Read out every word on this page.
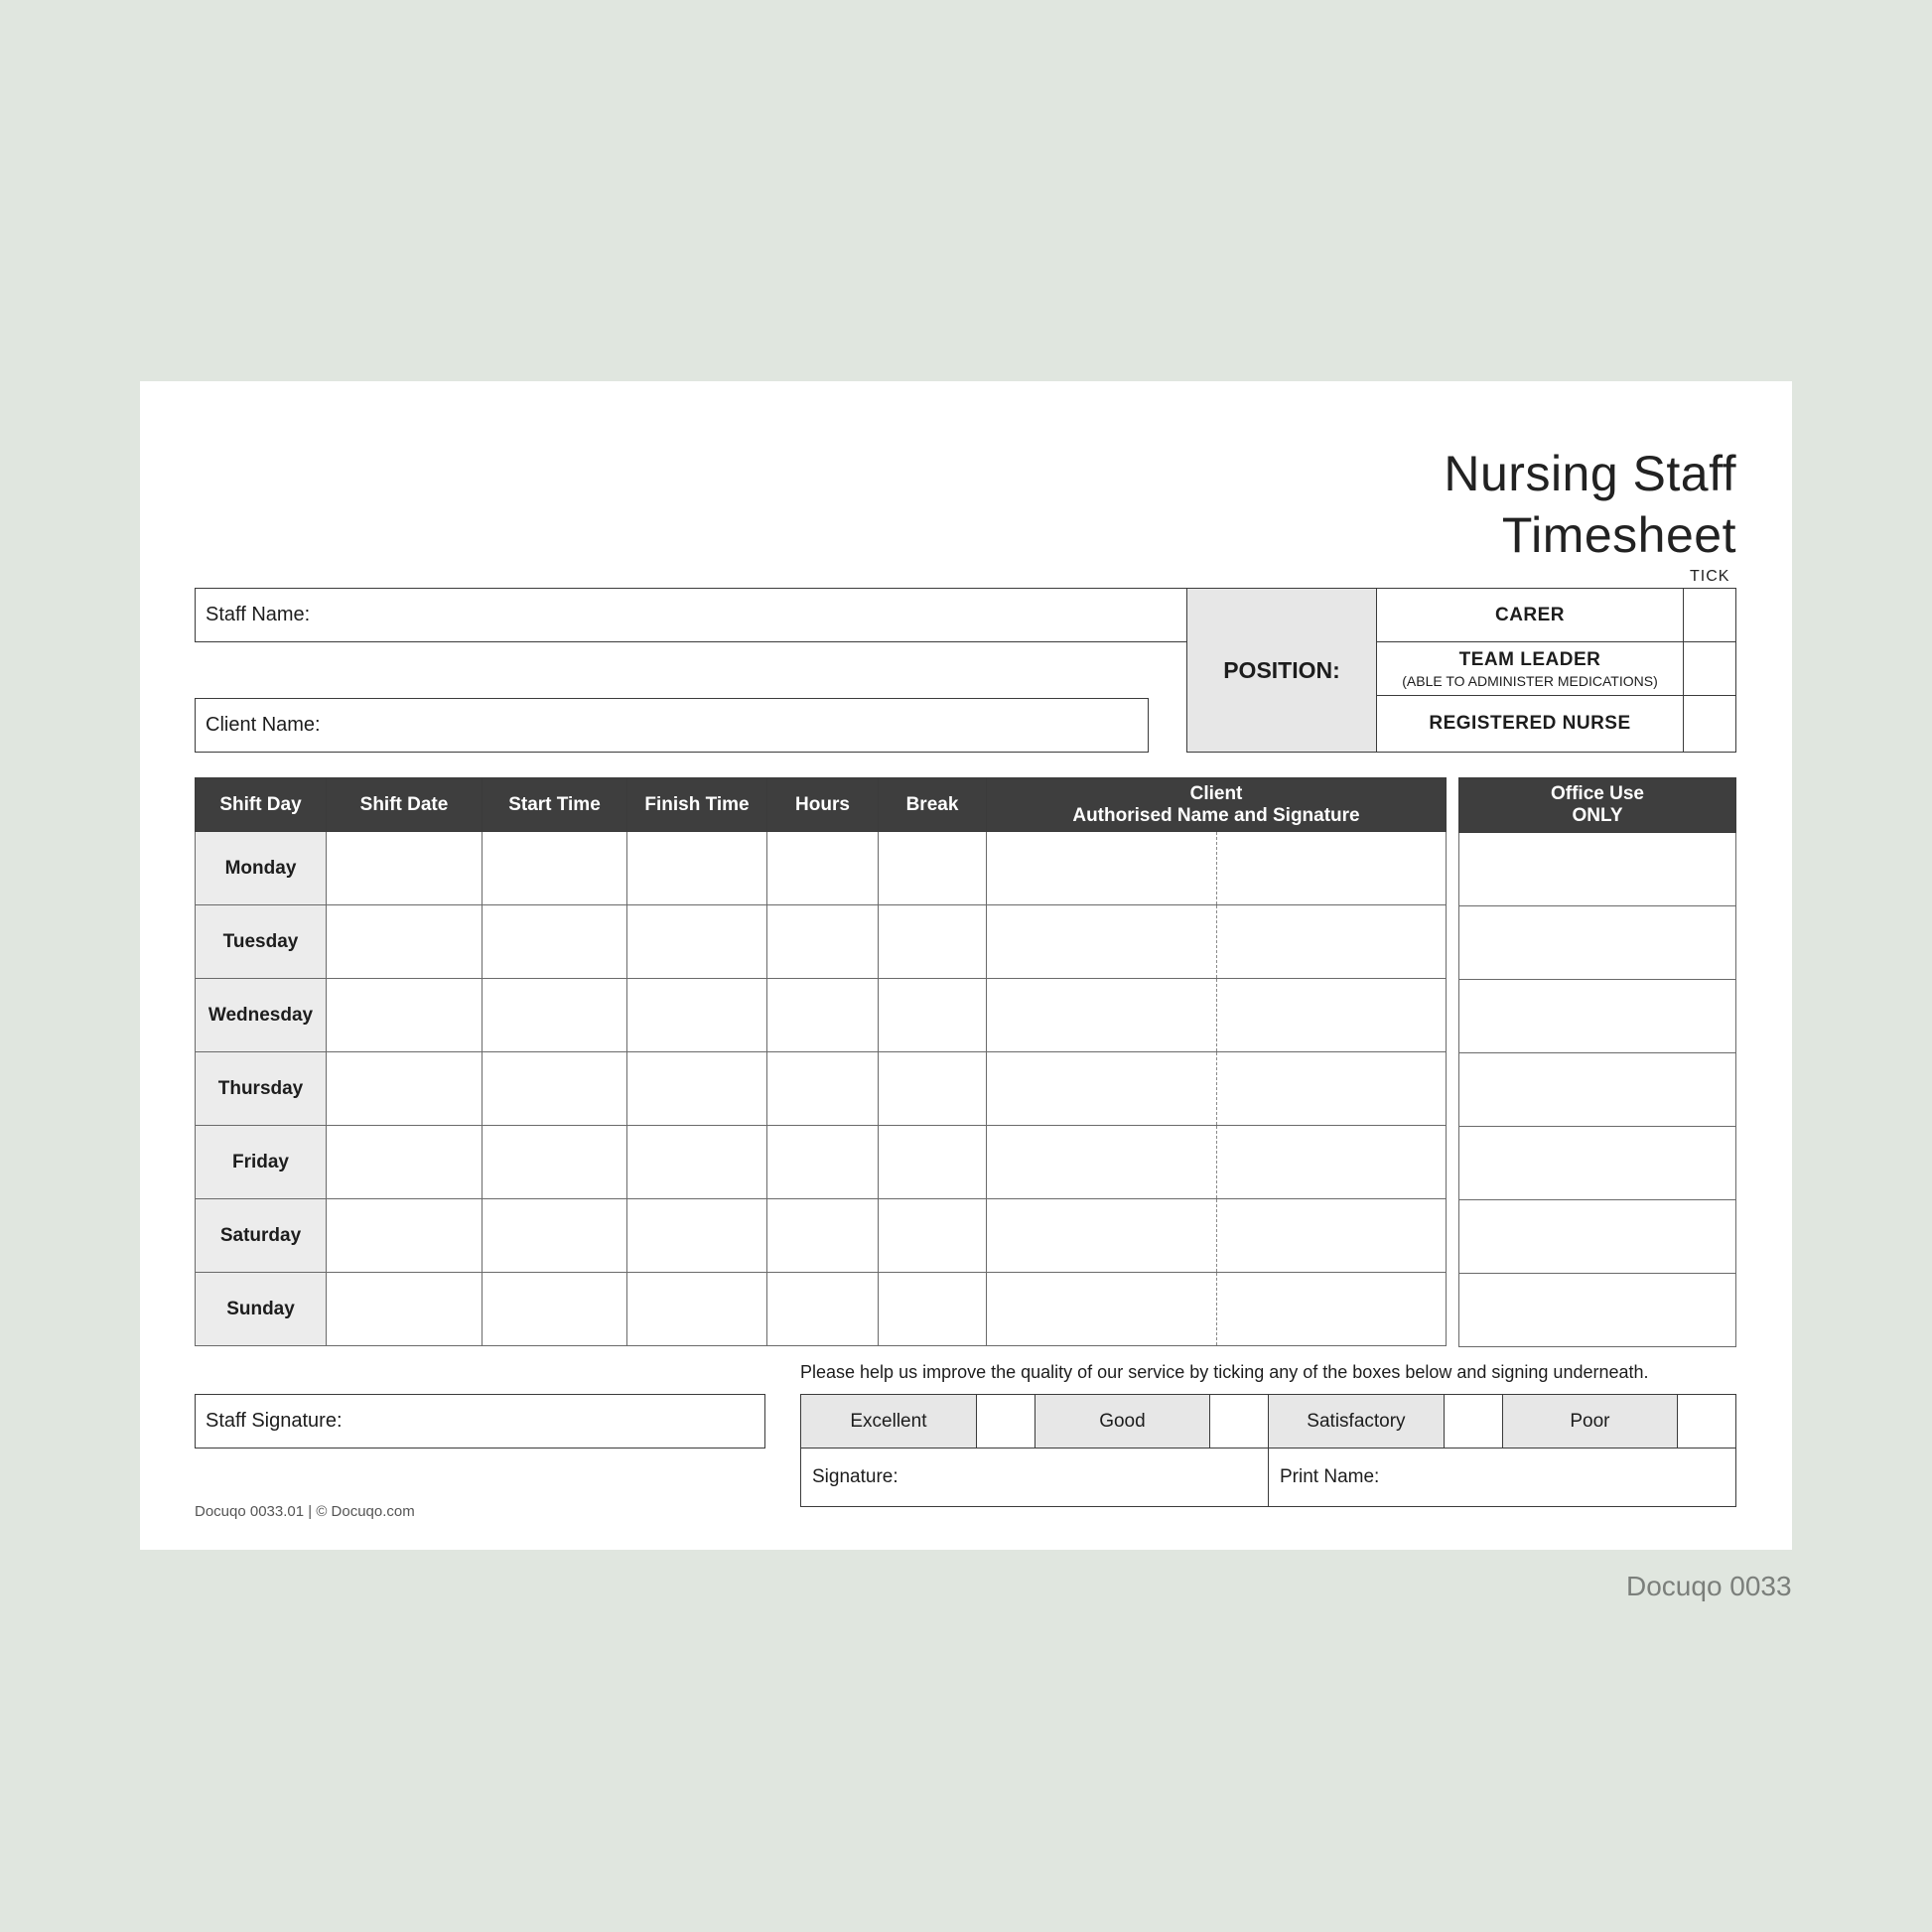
Nursing Staff
Timesheet
TICK
Staff Name:
Client Name:
POSITION:
CARER
TEAM LEADER
(ABLE TO ADMINISTER MEDICATIONS)
REGISTERED NURSE
Shift Day	Shift Date	Start Time	Finish Time	Hours	Break	Client
Authorised Name and Signature	

Monday							
Tuesday							
Wednesday							
Thursday							
Friday							
Saturday							
Sunday							
Office Use
ONLY

Staff Signature:
Please help us improve the quality of our service by ticking any of the boxes below and signing underneath.
Excellent	Good	Satisfactory	Poor
Signature:	Print Name:
Docuqo 0033.01 | © Docuqo.com
Docuqo 0033
